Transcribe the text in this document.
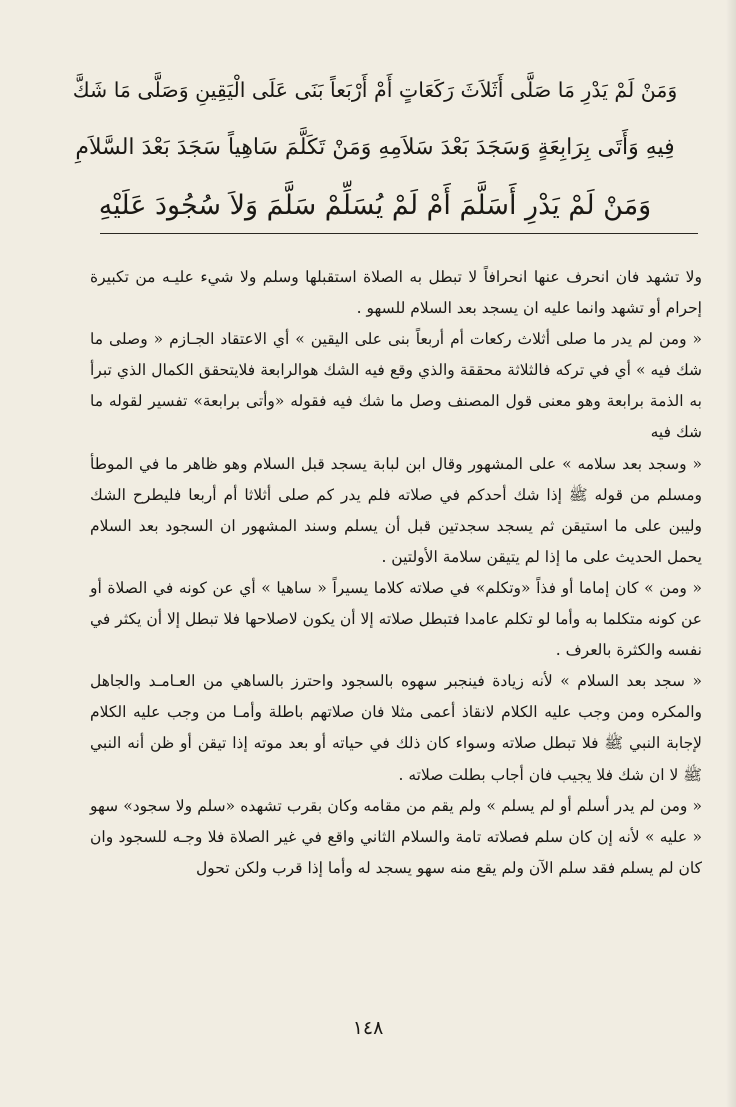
وَمَنْ لَمْ يَدْرِ مَا صَلَّى أَثَلاَثَ رَكَعَاتٍ أَمْ أَرْبَعاً بَنَى عَلَى الْيَقِينِ وَصَلَّى مَا شَكَّ
فِيهِ وَأَتَى بِرَابِعَةٍ وَسَجَدَ بَعْدَ سَلاَمِهِ وَمَنْ تَكَلَّمَ سَاهِياً سَجَدَ بَعْدَ السَّلاَمِ
وَمَنْ لَمْ يَدْرِ أَسَلَّمَ أَمْ لَمْ يُسَلِّمْ سَلَّمَ وَلاَ سُجُودَ عَلَيْهِ

ولا تشهد فان انحرف عنها انحرافاً لا تبطل به الصلاة استقبلها وسلم ولا شيء عليـه من تكبيرة إحرام أو تشهد وانما عليه ان يسجد بعد السلام للسهو .

« ومن لم يدر ما صلى أثلاث ركعات أم أربعاً بنى على اليقين » أي الاعتقاد الجـازم « وصلى ما شك فيه » أي في تركه فالثلاثة محققة والذي وقع فيه الشك هوالرابعة فلايتحقق الكمال الذي تبرأ به الذمة برابعة وهو معنى قول المصنف وصل ما شك فيه فقوله «وأتى برابعة» تفسير لقوله ما شك فيه

« وسجد بعد سلامه » على المشهور وقال ابن لبابة يسجد قبل السلام وهو ظاهر ما في الموطأ ومسلم من قوله ﷺ إذا شك أحدكم في صلاته فلم يدر كم صلى أثلاثا أم أربعا فليطرح الشك وليبن على ما استيقن ثم يسجد سجدتين قبل أن يسلم وسند المشهور ان السجود بعد السلام يحمل الحديث على ما إذا لم يتيقن سلامة الأولتين .

« ومن » كان إماما أو فذاً «وتكلم» في صلاته كلاما يسيراً « ساهيا » أي عن كونه في الصلاة أو عن كونه متكلما به وأما لو تكلم عامدا فتبطل صلاته إلا أن يكون لاصلاحها فلا تبطل إلا أن يكثر في نفسه والكثرة بالعرف .

« سجد بعد السلام » لأنه زيادة فينجبر سهوه بالسجود واحترز بالساهي من العـامـد والجاهل والمكره ومن وجب عليه الكلام لانقاذ أعمى مثلا فان صلاتهم باطلة وأمـا من وجب عليه الكلام لإجابة النبي ﷺ فلا تبطل صلاته وسواء كان ذلك في حياته أو بعد موته إذا تيقن أو ظن أنه النبي ﷺ لا ان شك فلا يجيب فان أجاب بطلت صلاته .

« ومن لم يدر أسلم أو لم يسلم » ولم يقم من مقامه وكان بقرب تشهده «سلم ولا سجود» سهو « عليه » لأنه إن كان سلم فصلاته تامة والسلام الثاني واقع في غير الصلاة فلا وجـه للسجود وان كان لم يسلم فقد سلم الآن ولم يقع منه سهو يسجد له وأما إذا قرب ولكن تحول

١٤٨
